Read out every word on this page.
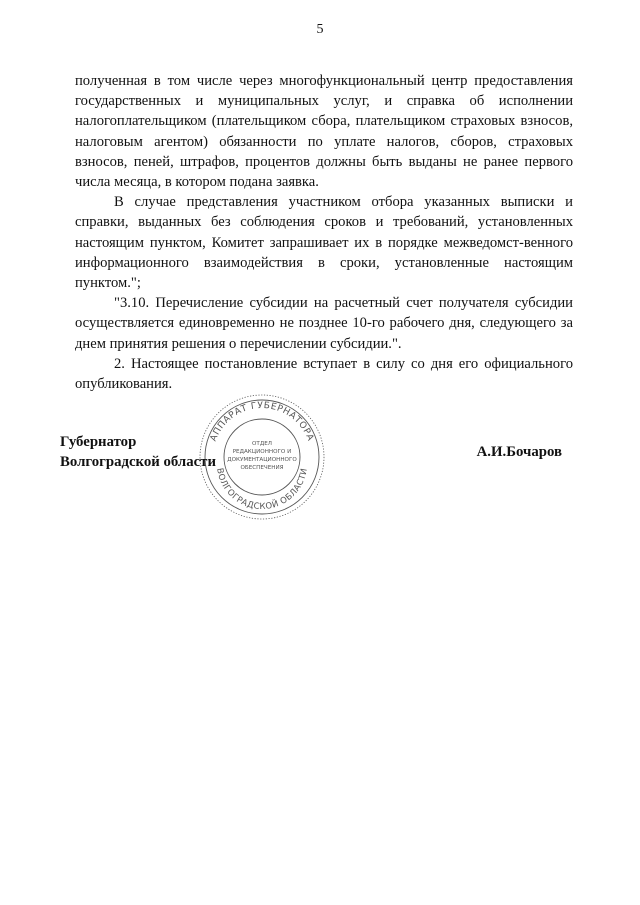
5

полученная в том числе через многофункциональный центр предоставления государственных и муниципальных услуг, и справка об исполнении налогоплательщиком (плательщиком сбора, плательщиком страховых взносов, налоговым агентом) обязанности по уплате налогов, сборов, страховых взносов, пеней, штрафов, процентов должны быть выданы не ранее первого числа месяца, в котором подана заявка.

В случае представления участником отбора указанных выписки и справки, выданных без соблюдения сроков и требований, установленных настоящим пунктом, Комитет запрашивает их в порядке межведомст-венного информационного взаимодействия в сроки, установленные настоящим пунктом.";

"3.10. Перечисление субсидии на расчетный счет получателя субсидии осуществляется единовременно не позднее 10-го рабочего дня, следующего за днем принятия решения о перечислении субсидии.".

2. Настоящее постановление вступает в силу со дня его официального опубликования.

АППАРАТ ГУБЕРНАТОРА
ВОЛГОГРАДСКОЙ ОБЛАСТИ
ОТДЕЛ
РЕДАКЦИОННОГО И
ДОКУМЕНТАЦИОННОГО
ОБЕСПЕЧЕНИЯ
Губернатор
Волгоградской области
А.И.Бочаров
